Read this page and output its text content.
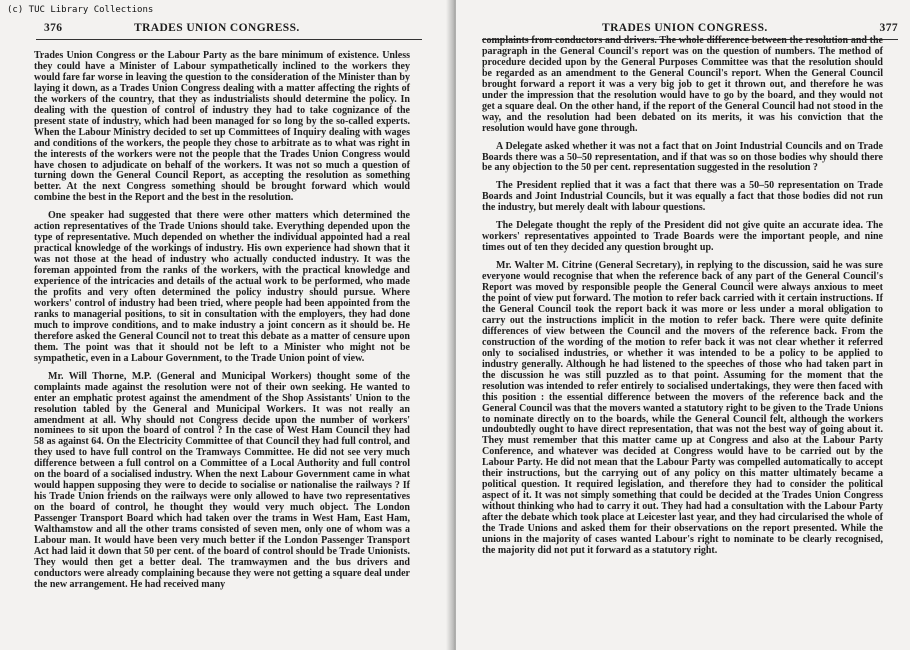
(c) TUC Library Collections
376	TRADES UNION CONGRESS.

Trades Union Congress or the Labour Party as the bare minimum of existence. Unless they could have a Minister of Labour sympathetically inclined to the workers they would fare far worse in leaving the question to the consideration of the Minister than by laying it down, as a Trades Union Congress dealing with a matter affecting the rights of the workers of the country, that they as industrialists should determine the policy. In dealing with the question of control of industry they had to take cognizance of the present state of industry, which had been managed for so long by the so-called experts. When the Labour Ministry decided to set up Committees of Inquiry dealing with wages and conditions of the workers, the people they chose to arbitrate as to what was right in the interests of the workers were not the people that the Trades Union Congress would have chosen to adjudicate on behalf of the workers. It was not so much a question of turning down the General Council Report, as accepting the resolution as something better. At the next Congress something should be brought forward which would combine the best in the Report and the best in the resolution.

One speaker had suggested that there were other matters which determined the action representatives of the Trade Unions should take. Everything depended upon the type of representative. Much depended on whether the individual appointed had a real practical knowledge of the workings of industry. His own experience had shown that it was not those at the head of industry who actually conducted industry. It was the foreman appointed from the ranks of the workers, with the practical knowledge and experience of the intricacies and details of the actual work to be performed, who made the profits and very often determined the policy industry should pursue. Where workers' control of industry had been tried, where people had been appointed from the ranks to managerial positions, to sit in consultation with the employers, they had done much to improve conditions, and to make industry a joint concern as it should be. He therefore asked the General Council not to treat this debate as a matter of censure upon them. The point was that it should not be left to a Minister who might not be sympathetic, even in a Labour Government, to the Trade Union point of view.

Mr. Will Thorne, M.P. (General and Municipal Workers) thought some of the complaints made against the resolution were not of their own seeking. He wanted to enter an emphatic protest against the amendment of the Shop Assistants' Union to the resolution tabled by the General and Municipal Workers. It was not really an amendment at all. Why should not Congress decide upon the number of workers' nominees to sit upon the board of control ? In the case of West Ham Council they had 58 as against 64. On the Electricity Committee of that Council they had full control, and they used to have full control on the Tramways Committee. He did not see very much difference between a full control on a Committee of a Local Authority and full control on the board of a socialised industry. When the next Labour Government came in what would happen supposing they were to decide to socialise or nationalise the railways ? If his Trade Union friends on the railways were only allowed to have two representatives on the board of control, he thought they would very much object. The London Passenger Transport Board which had taken over the trams in West Ham, East Ham, Walthamstow and all the other trams consisted of seven men, only one of whom was a Labour man. It would have been very much better if the London Passenger Transport Act had laid it down that 50 per cent. of the board of control should be Trade Unionists. They would then get a better deal. The tramwaymen and the bus drivers and conductors were already complaining because they were not getting a square deal under the new arrangement. He had received many

TRADES UNION CONGRESS.	377

complaints from conductors and drivers. The whole difference between the resolution and the paragraph in the General Council's report was on the question of numbers. The method of procedure decided upon by the General Purposes Committee was that the resolution should be regarded as an amendment to the General Council's report. When the General Council brought forward a report it was a very big job to get it thrown out, and therefore he was under the impression that the resolution would have to go by the board, and they would not get a square deal. On the other hand, if the report of the General Council had not stood in the way, and the resolution had been debated on its merits, it was his conviction that the resolution would have gone through.

A Delegate asked whether it was not a fact that on Joint Industrial Councils and on Trade Boards there was a 50–50 representation, and if that was so on those bodies why should there be any objection to the 50 per cent. representation suggested in the resolution ?

The President replied that it was a fact that there was a 50–50 representation on Trade Boards and Joint Industrial Councils, but it was equally a fact that those bodies did not run the industry, but merely dealt with labour questions.

The Delegate thought the reply of the President did not give quite an accurate idea. The workers' representatives appointed to Trade Boards were the important people, and nine times out of ten they decided any question brought up.

Mr. Walter M. Citrine (General Secretary), in replying to the discussion, said he was sure everyone would recognise that when the reference back of any part of the General Council's Report was moved by responsible people the General Council were always anxious to meet the point of view put forward. The motion to refer back carried with it certain instructions. If the General Council took the report back it was more or less under a moral obligation to carry out the instructions implicit in the motion to refer back. There were quite definite differences of view between the Council and the movers of the reference back. From the construction of the wording of the motion to refer back it was not clear whether it referred only to socialised industries, or whether it was intended to be a policy to be applied to industry generally. Although he had listened to the speeches of those who had taken part in the discussion he was still puzzled as to that point. Assuming for the moment that the resolution was intended to refer entirely to socialised undertakings, they were then faced with this position : the essential difference between the movers of the reference back and the General Council was that the movers wanted a statutory right to be given to the Trade Unions to nominate directly on to the boards, while the General Council felt, although the workers undoubtedly ought to have direct representation, that was not the best way of going about it. They must remember that this matter came up at Congress and also at the Labour Party Conference, and whatever was decided at Congress would have to be carried out by the Labour Party. He did not mean that the Labour Party was compelled automatically to accept their instructions, but the carrying out of any policy on this matter ultimately became a political question. It required legislation, and therefore they had to consider the political aspect of it. It was not simply something that could be decided at the Trades Union Congress without thinking who had to carry it out. They had had a consultation with the Labour Party after the debate which took place at Leicester last year, and they had circularised the whole of the Trade Unions and asked them for their observations on the report presented. While the unions in the majority of cases wanted Labour's right to nominate to be clearly recognised, the majority did not put it forward as a statutory right.
